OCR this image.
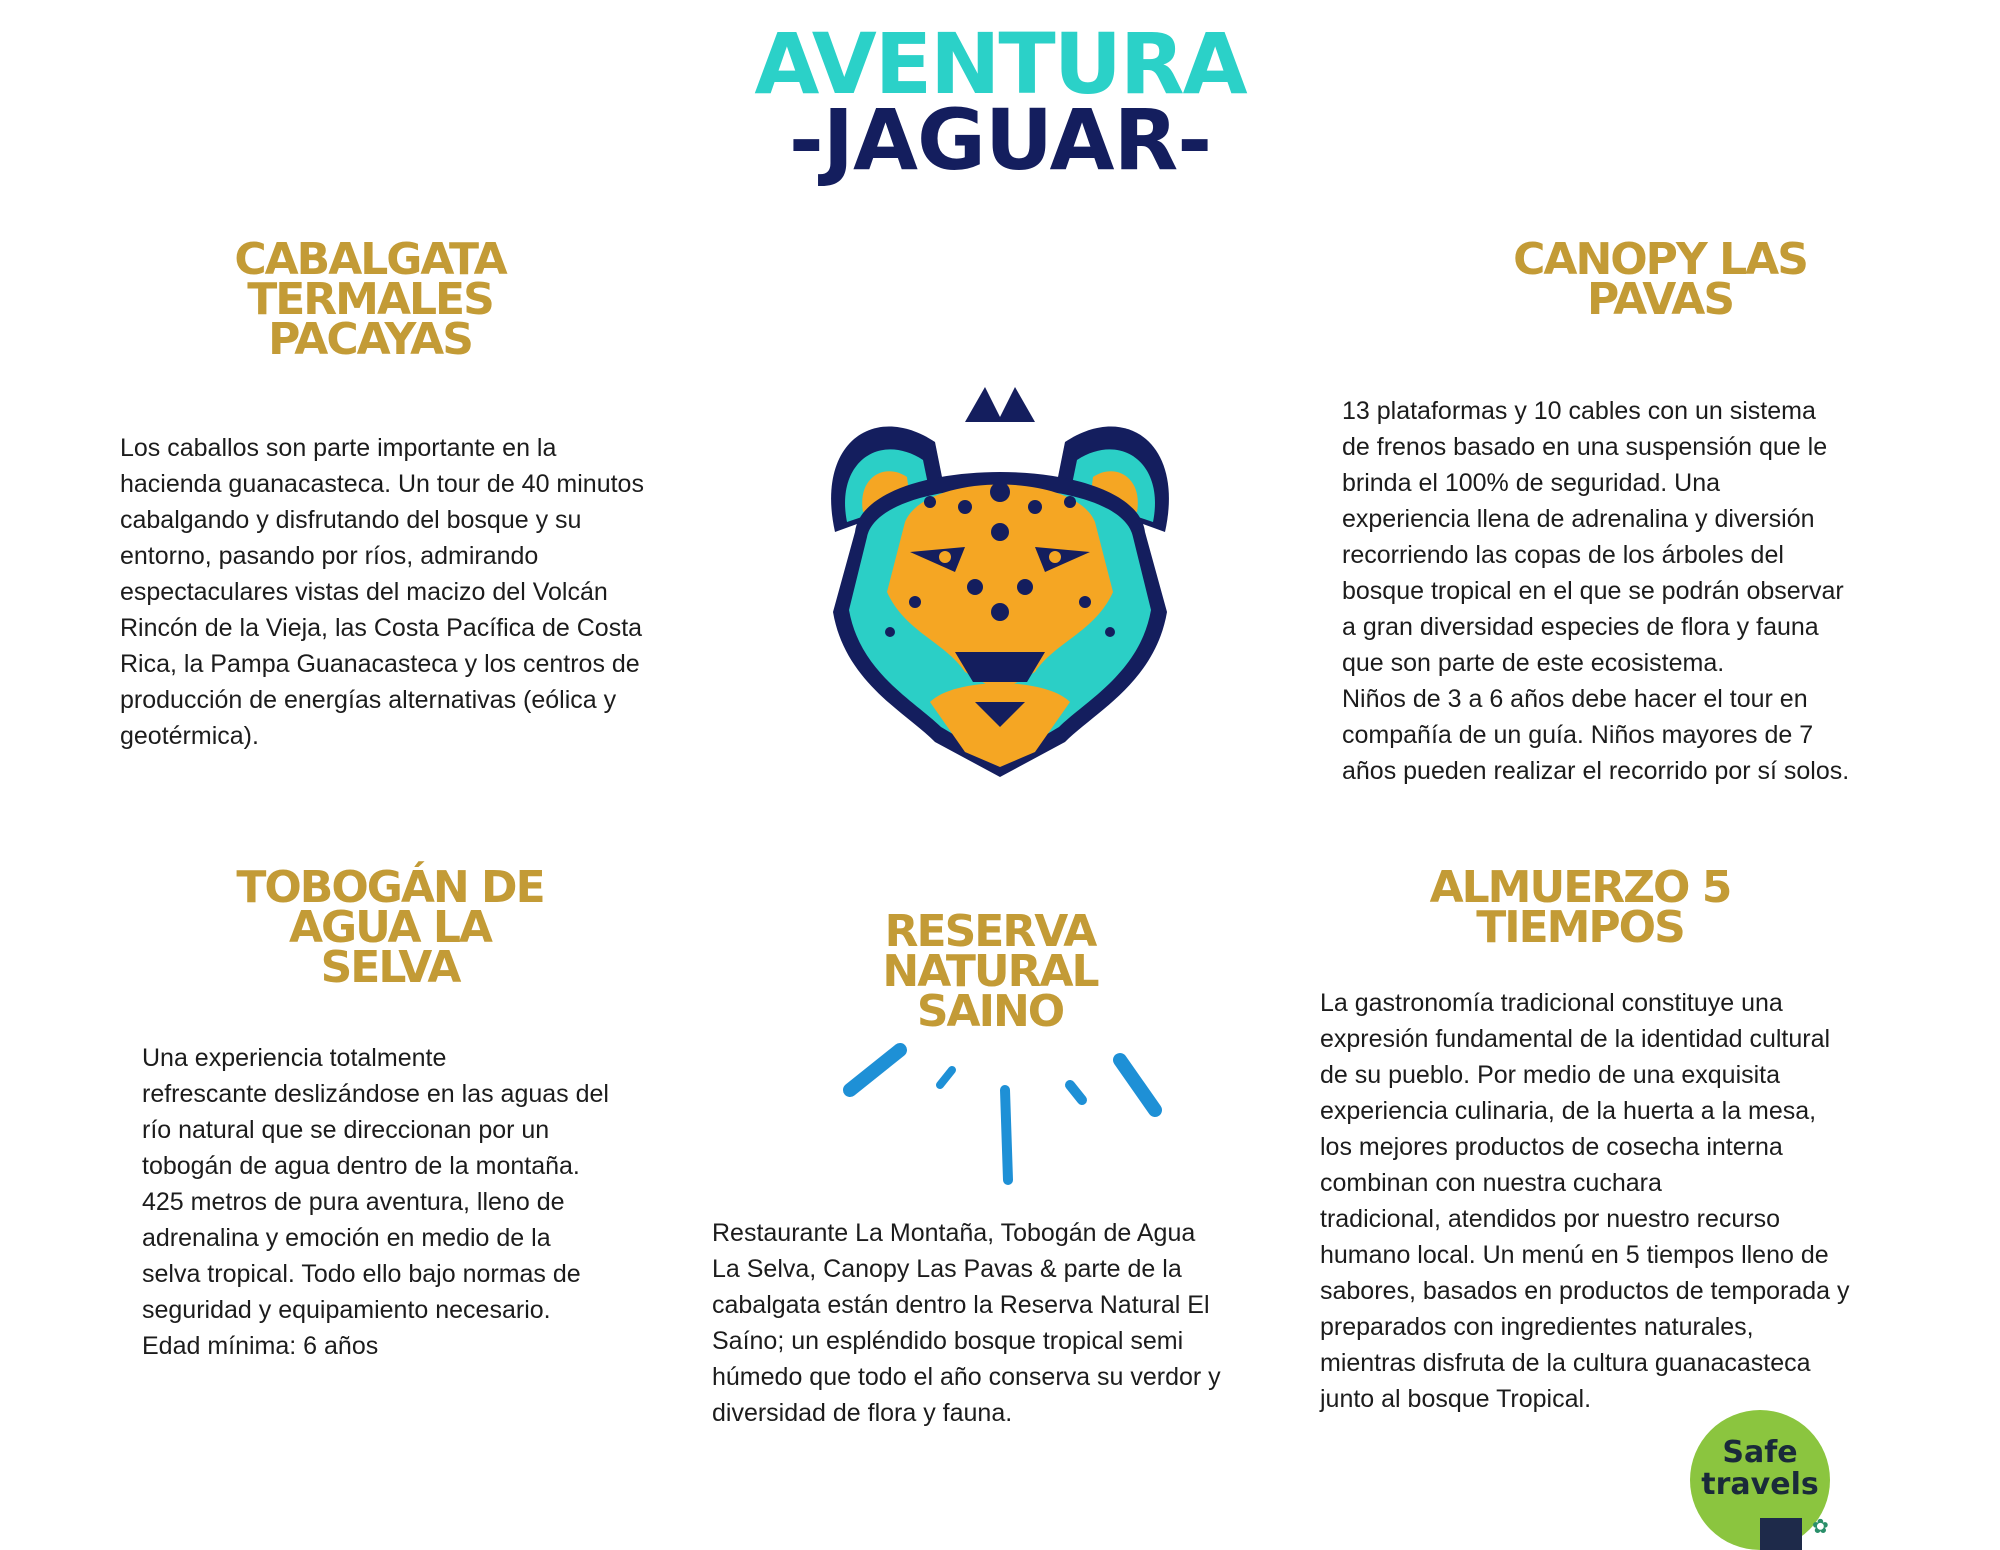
AVENTURA
-JAGUAR-
CABALGATA
TERMALES
PACAYAS
Los caballos son parte importante en la
hacienda guanacasteca. Un tour de 40 minutos
cabalgando y disfrutando del bosque y su
entorno, pasando por ríos, admirando
espectaculares vistas del macizo del Volcán
Rincón de la Vieja, las Costa Pacífica de Costa
Rica, la Pampa Guanacasteca y los centros de
producción de energías alternativas (eólica y
geotérmica).
CANOPY LAS
PAVAS
13 plataformas y 10 cables con un sistema
de frenos basado en una suspensión que le
brinda el 100% de seguridad. Una
experiencia llena de adrenalina y diversión
recorriendo las copas de los árboles del
bosque tropical en el que se podrán observar
a gran diversidad especies de flora y fauna
que son parte de este ecosistema.
Niños de 3 a 6 años debe hacer el tour en
compañía de un guía. Niños mayores de 7
años pueden realizar el recorrido por sí solos.
TOBOGÁN DE
AGUA LA
SELVA
Una experiencia totalmente
refrescante deslizándose en las aguas del
río natural que se direccionan por un
tobogán de agua dentro de la montaña.
425 metros de pura aventura, lleno de
adrenalina y emoción en medio de la
selva tropical. Todo ello bajo normas de
seguridad y equipamiento necesario.
Edad mínima: 6 años
RESERVA
NATURAL
SAINO
Restaurante La Montaña, Tobogán de Agua
La Selva, Canopy Las Pavas & parte de la
cabalgata están dentro la Reserva Natural El
Saíno; un espléndido bosque tropical semi
húmedo que todo el año conserva su verdor y
diversidad de flora y fauna.
ALMUERZO 5
TIEMPOS
La gastronomía tradicional constituye una
expresión fundamental de la identidad cultural
de su pueblo. Por medio de una exquisita
experiencia culinaria, de la huerta a la mesa,
los mejores productos de cosecha interna
combinan con nuestra cuchara
tradicional, atendidos por nuestro recurso
humano local. Un menú en 5 tiempos lleno de
sabores, basados en productos de temporada y
preparados con ingredientes naturales,
mientras disfruta de la cultura guanacasteca
junto al bosque Tropical.
Safe
travels
✿
